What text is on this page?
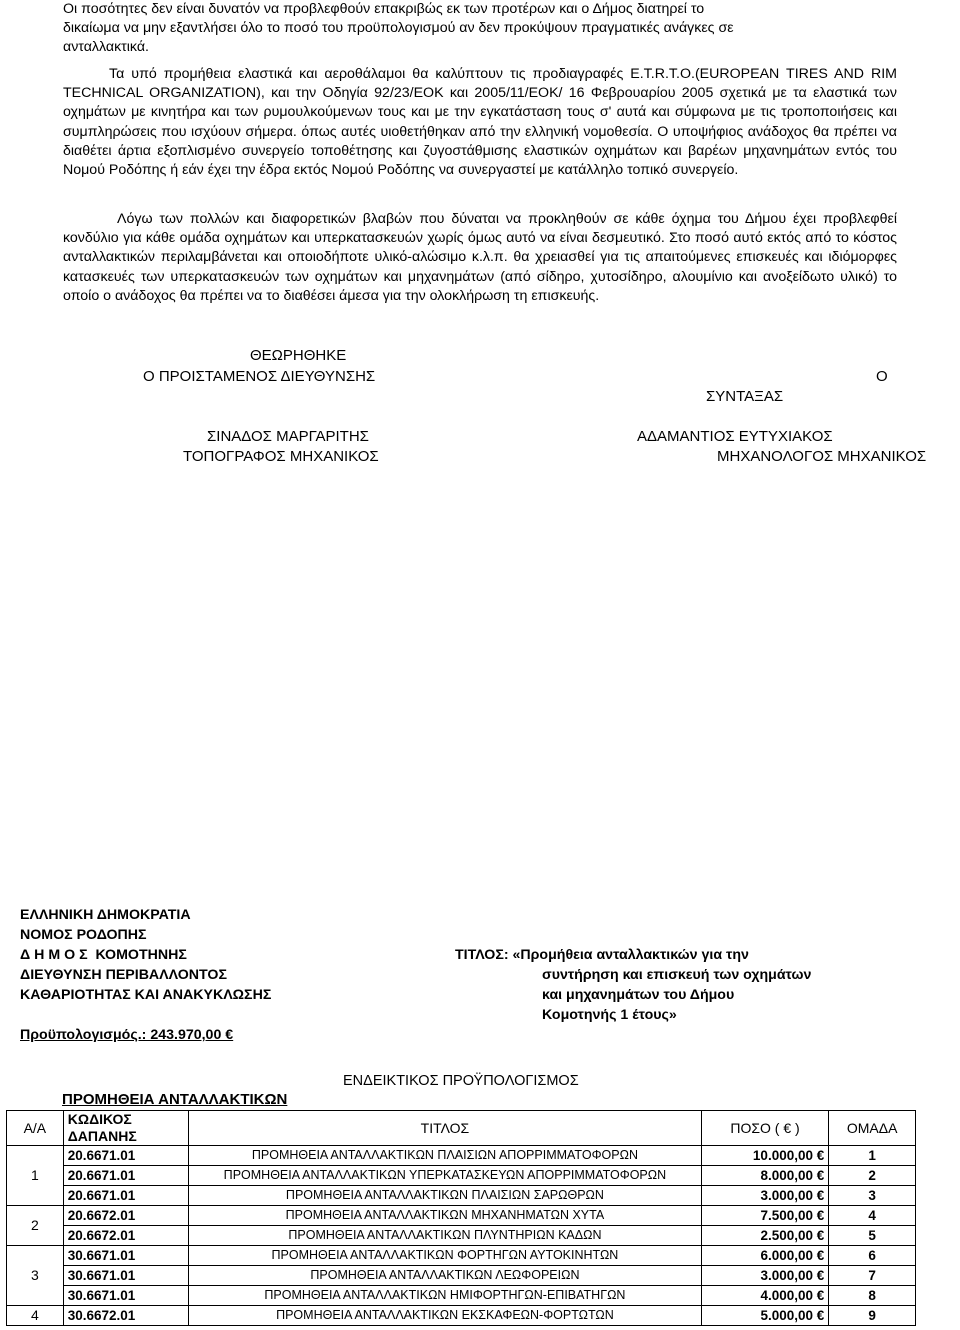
Οι ποσότητες δεν είναι δυνατόν να προβλεφθούν επακριβώς εκ των προτέρων και ο Δήμος διατηρεί το
δικαίωμα να μην εξαντλήσει όλο το ποσό του προϋπολογισμού αν δεν προκύψουν πραγματικές ανάγκες σε
ανταλλακτικά.

Τα υπό προμήθεια ελαστικά και αεροθάλαμοι θα καλύπτουν τις προδιαγραφές Ε.Τ.R.Τ.Ο.(EUROPEAN TIRES AND RIM TECHNICAL ORGANIZATION), και την Οδηγία 92/23/ΕΟΚ και 2005/11/ΕΟΚ/ 16 Φεβρουαρίου 2005 σχετικά με τα ελαστικά των οχημάτων με κινητήρα και των ρυμουλκούμενων τους και με την εγκατάσταση τους σ' αυτά και σύμφωνα με τις τροποποιήσεις και συμπληρώσεις που ισχύουν σήμερα. όπως αυτές υιοθετήθηκαν από την ελληνική νομοθεσία. Ο υποψήφιος ανάδοχος θα πρέπει να διαθέτει άρτια εξοπλισμένο συνεργείο τοποθέτησης και ζυγοστάθμισης ελαστικών οχημάτων και βαρέων μηχανημάτων εντός του Νομού Ροδόπης ή εάν έχει την έδρα εκτός Νομού Ροδόπης να συνεργαστεί με κατάλληλο τοπικό συνεργείο.

Λόγω των πολλών και διαφορετικών βλαβών που δύναται να προκληθούν σε κάθε όχημα του Δήμου έχει προβλεφθεί κονδύλιο για κάθε ομάδα οχημάτων και υπερκατασκευών χωρίς όμως αυτό να είναι δεσμευτικό. Στο ποσό αυτό εκτός από το κόστος ανταλλακτικών περιλαμβάνεται και οποιοδήποτε υλικό-αλώσιμο κ.λ.π. θα χρειασθεί για τις απαιτούμενες επισκευές και ιδιόμορφες κατασκευές των υπερκατασκευών των οχημάτων και μηχανημάτων (από σίδηρο, χυτοσίδηρο, αλουμίνιο και ανοξείδωτο υλικό) το οποίο ο ανάδοχος θα πρέπει να το διαθέσει άμεσα για την ολοκλήρωση τη επισκευής.

ΘΕΩΡΗΘΗΚΕ
Ο ΠΡΟΙΣΤΑΜΕΝΟΣ ΔΙΕΥΘΥΝΣΗΣ	Ο
ΣΥΝΤΑΞΑΣ
ΣΙΝΑΔΟΣ ΜΑΡΓΑΡΙΤΗΣ
ΤΟΠΟΓΡΑΦΟΣ ΜΗΧΑΝΙΚΟΣ
ΑΔΑΜΑΝΤΙΟΣ ΕΥΤΥΧΙΑΚΟΣ
ΜΗΧΑΝΟΛΟΓΟΣ ΜΗΧΑΝΙΚΟΣ
ΕΛΛΗΝΙΚΗ ΔΗΜΟΚΡΑΤΙΑ
ΝΟΜΟΣ ΡΟΔΟΠΗΣ
Δ Η Μ Ο Σ  ΚΟΜΟΤΗΝΗΣ
ΔΙΕΥΘΥΝΣΗ ΠΕΡΙΒΑΛΛΟΝΤΟΣ
ΚΑΘΑΡΙΟΤΗΤΑΣ ΚΑΙ ΑΝΑΚΥΚΛΩΣΗΣ
Προϋπολογισμός.: 243.970,00 €
ΤΙΤΛΟΣ: «Προμήθεια ανταλλακτικών για την
συντήρηση και επισκευή των οχημάτων
και μηχανημάτων του Δήμου
Κομοτηνής 1 έτους»
ΕΝΔΕΙΚΤΙΚΟΣ ΠΡΟΫΠΟΛΟΓΙΣΜΟΣ
ΠΡΟΜΗΘΕΙΑ ΑΝΤΑΛΛΑΚΤΙΚΩΝ
Α/Α	ΚΩΔΙΚΟΣ ΔΑΠΑΝΗΣ	ΤΙΤΛΟΣ	ΠΟΣΟ ( € )	ΟΜΑΔΑ
1	20.6671.01	ΠΡΟΜΗΘΕΙΑ ΑΝΤΑΛΛΑΚΤΙΚΩΝ ΠΛΑΙΣΙΩΝ ΑΠΟΡΡΙΜΜΑΤΟΦΟΡΩΝ	10.000,00 €	1
	20.6671.01	ΠΡΟΜΗΘΕΙΑ ΑΝΤΑΛΛΑΚΤΙΚΩΝ ΥΠΕΡΚΑΤΑΣΚΕΥΩΝ ΑΠΟΡΡΙΜΜΑΤΟΦΟΡΩΝ	8.000,00 €	2
	20.6671.01	ΠΡΟΜΗΘΕΙΑ ΑΝΤΑΛΛΑΚΤΙΚΩΝ ΠΛΑΙΣΙΩΝ ΣΑΡΩΘΡΩΝ	3.000,00 €	3
2	20.6672.01	ΠΡΟΜΗΘΕΙΑ ΑΝΤΑΛΛΑΚΤΙΚΩΝ ΜΗΧΑΝΗΜΑΤΩΝ ΧΥΤΑ	7.500,00 €	4
	20.6672.01	ΠΡΟΜΗΘΕΙΑ ΑΝΤΑΛΛΑΚΤΙΚΩΝ ΠΛΥΝΤΗΡΙΩΝ ΚΑΔΩΝ	2.500,00 €	5
3	30.6671.01	ΠΡΟΜΗΘΕΙΑ ΑΝΤΑΛΛΑΚΤΙΚΩΝ ΦΟΡΤΗΓΩΝ ΑΥΤΟΚΙΝΗΤΩΝ	6.000,00 €	6
	30.6671.01	ΠΡΟΜΗΘΕΙΑ ΑΝΤΑΛΛΑΚΤΙΚΩΝ ΛΕΩΦΟΡΕΙΩΝ	3.000,00 €	7
	30.6671.01	ΠΡΟΜΗΘΕΙΑ ΑΝΤΑΛΛΑΚΤΙΚΩΝ ΗΜΙΦΟΡΤΗΓΩΝ-ΕΠΙΒΑΤΗΓΩΝ	4.000,00 €	8
4	30.6672.01	ΠΡΟΜΗΘΕΙΑ ΑΝΤΑΛΛΑΚΤΙΚΩΝ ΕΚΣΚΑΦΕΩΝ-ΦΟΡΤΩΤΩΝ	5.000,00 €	9
